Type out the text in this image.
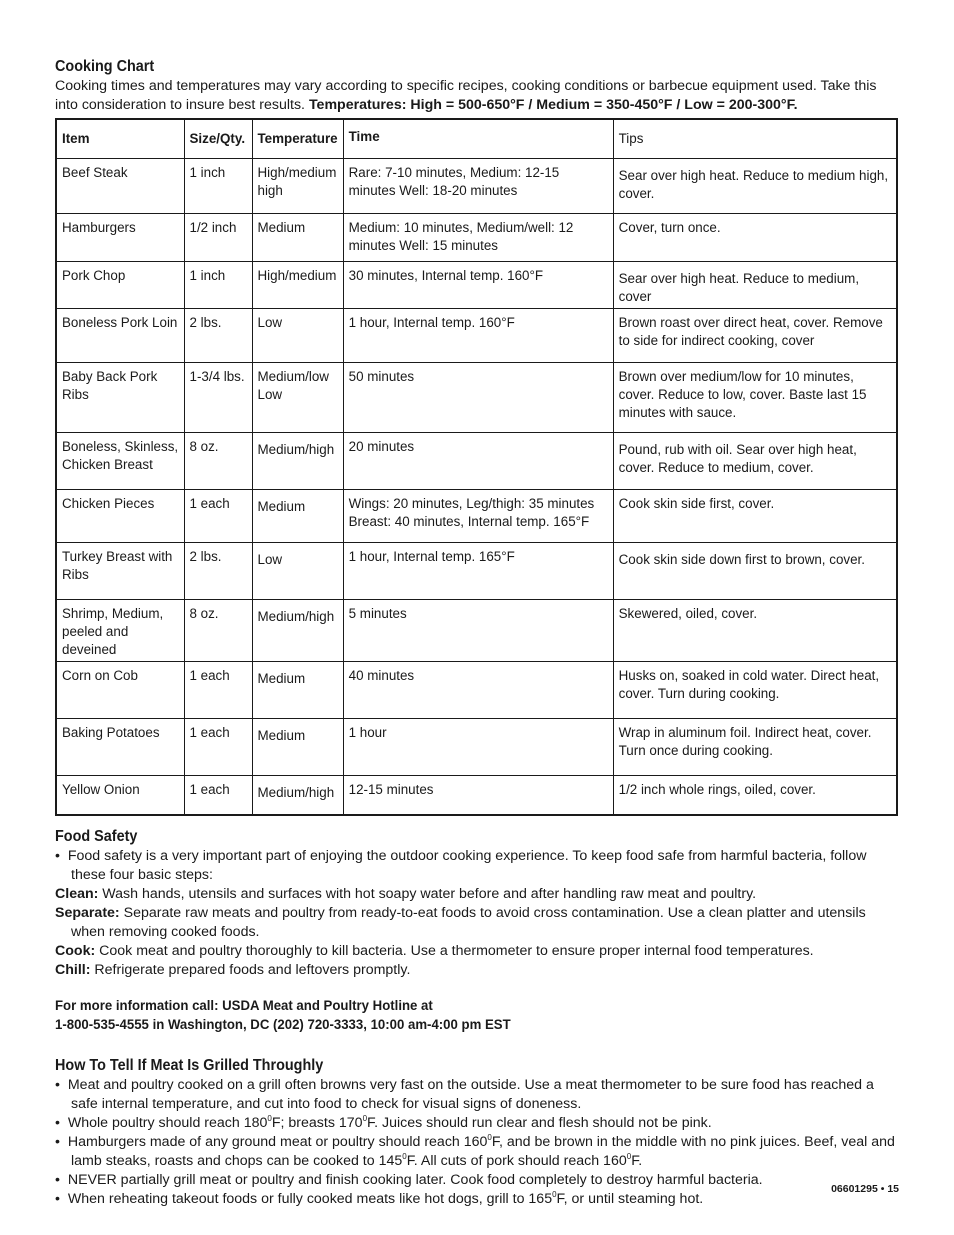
Cooking Chart

Cooking times and temperatures may vary according to specific recipes, cooking conditions or barbecue equipment used. Take this into consideration to insure best results. Temperatures: High = 500-650°F / Medium = 350-450°F / Low = 200-300°F.

Item	Size/Qty.	Temperature	Time	Tips
Beef Steak	1 inch	High/medium high	Rare: 7-10 minutes, Medium: 12-15 minutes Well: 18-20 minutes	Sear over high heat. Reduce to medium high, cover.
Hamburgers	1/2 inch	Medium	Medium: 10 minutes, Medium/well: 12 minutes Well: 15 minutes	Cover, turn once.
Pork Chop	1 inch	High/medium	30 minutes, Internal temp. 160°F	Sear over high heat. Reduce to medium, cover
Boneless Pork Loin	2 lbs.	Low	1 hour, Internal temp. 160°F	Brown roast over direct heat, cover. Remove to side for indirect cooking, cover
Baby Back Pork Ribs	1-3/4 lbs.	Medium/low Low	50 minutes	Brown over medium/low for 10 minutes, cover. Reduce to low, cover. Baste last 15 minutes with sauce.
Boneless, Skinless, Chicken Breast	8 oz.	Medium/high	20 minutes	Pound, rub with oil. Sear over high heat, cover. Reduce to medium, cover.
Chicken Pieces	1 each	Medium	Wings: 20 minutes, Leg/thigh: 35 minutes Breast: 40 minutes, Internal temp. 165°F	Cook skin side first, cover.
Turkey Breast with Ribs	2 lbs.	Low	1 hour, Internal temp. 165°F	Cook skin side down first to brown, cover.
Shrimp, Medium, peeled and deveined	8 oz.	Medium/high	5 minutes	Skewered, oiled, cover.
Corn on Cob	1 each	Medium	40 minutes	Husks on, soaked in cold water. Direct heat, cover. Turn during cooking.
Baking Potatoes	1 each	Medium	1 hour	Wrap in aluminum foil. Indirect heat, cover. Turn once during cooking.
Yellow Onion	1 each	Medium/high	12-15 minutes	1/2 inch whole rings, oiled, cover.
Food Safety

•  Food safety is a very important part of enjoying the outdoor cooking experience. To keep food safe from harmful bacteria, follow these four basic steps:

Clean: Wash hands, utensils and surfaces with hot soapy water before and after handling raw meat and poultry.

Separate: Separate raw meats and poultry from ready-to-eat foods to avoid cross contamination. Use a clean platter and utensils when removing cooked foods.

Cook: Cook meat and poultry thoroughly to kill bacteria. Use a thermometer to ensure proper internal food temperatures.

Chill: Refrigerate prepared foods and leftovers promptly.

For more information call: USDA Meat and Poultry Hotline at

1-800-535-4555 in Washington, DC (202) 720-3333, 10:00 am-4:00 pm EST

How To Tell If Meat Is Grilled Throughly

•  Meat and poultry cooked on a grill often browns very fast on the outside. Use a meat thermometer to be sure food has reached a safe internal temperature, and cut into food to check for visual signs of doneness.

•  Whole poultry should reach $180^0F$; breasts $170^0F$. Juices should run clear and flesh should not be pink.

•  Hamburgers made of any ground meat or poultry should reach $160^0F$, and be brown in the middle with no pink juices. Beef, veal and lamb steaks, roasts and chops can be cooked to $145^0F$. All cuts of pork should reach $160^0F$.

•  NEVER partially grill meat or poultry and finish cooking later. Cook food completely to destroy harmful bacteria.

•  When reheating takeout foods or fully cooked meats like hot dogs, grill to $165^0F$, or until steaming hot.

06601295 • 15
